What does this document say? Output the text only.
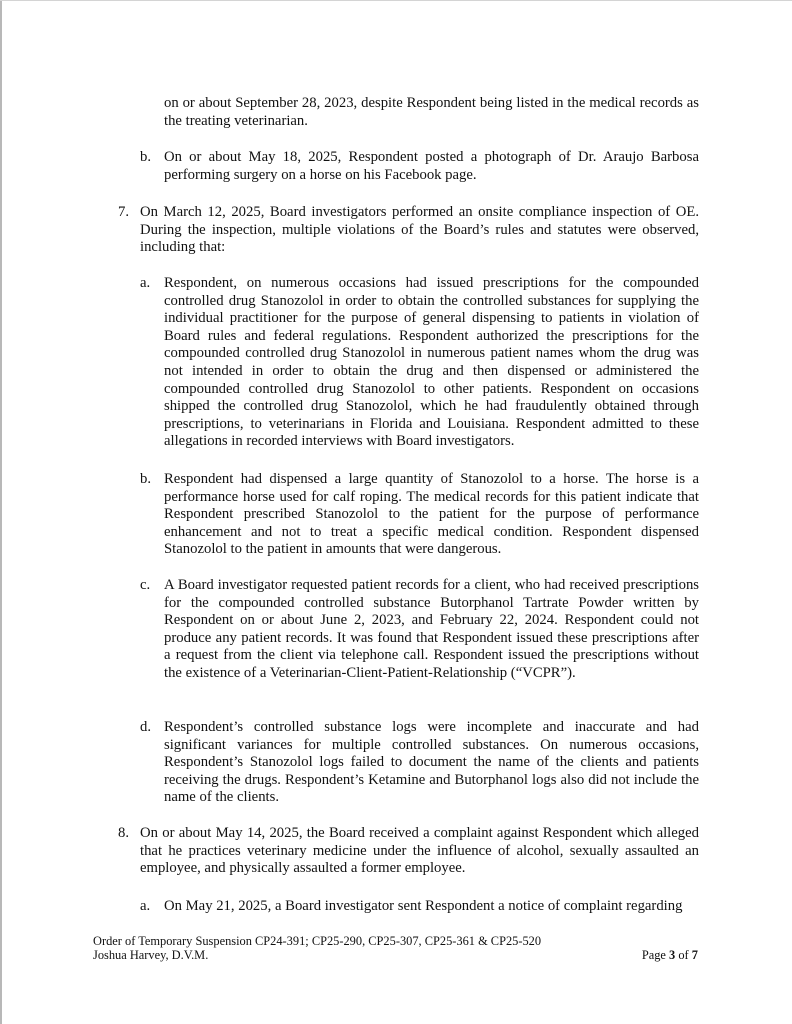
on or about September 28, 2023, despite Respondent being listed in the medical records as the treating veterinarian.

b. On or about May 18, 2025, Respondent posted a photograph of Dr. Araujo Barbosa performing surgery on a horse on his Facebook page.

7. On March 12, 2025, Board investigators performed an onsite compliance inspection of OE. During the inspection, multiple violations of the Board’s rules and statutes were observed, including that:

a. Respondent, on numerous occasions had issued prescriptions for the compounded controlled drug Stanozolol in order to obtain the controlled substances for supplying the individual practitioner for the purpose of general dispensing to patients in violation of Board rules and federal regulations. Respondent authorized the prescriptions for the compounded controlled drug Stanozolol in numerous patient names whom the drug was not intended in order to obtain the drug and then dispensed or administered the compounded controlled drug Stanozolol to other patients. Respondent on occasions shipped the controlled drug Stanozolol, which he had fraudulently obtained through prescriptions, to veterinarians in Florida and Louisiana. Respondent admitted to these allegations in recorded interviews with Board investigators.

b. Respondent had dispensed a large quantity of Stanozolol to a horse. The horse is a performance horse used for calf roping. The medical records for this patient indicate that Respondent prescribed Stanozolol to the patient for the purpose of performance enhancement and not to treat a specific medical condition. Respondent dispensed Stanozolol to the patient in amounts that were dangerous.

c. A Board investigator requested patient records for a client, who had received prescriptions for the compounded controlled substance Butorphanol Tartrate Powder written by Respondent on or about June 2, 2023, and February 22, 2024. Respondent could not produce any patient records. It was found that Respondent issued these prescriptions after a request from the client via telephone call. Respondent issued the prescriptions without the existence of a Veterinarian-Client-Patient-Relationship (“VCPR”).

d. Respondent’s controlled substance logs were incomplete and inaccurate and had significant variances for multiple controlled substances. On numerous occasions, Respondent’s Stanozolol logs failed to document the name of the clients and patients receiving the drugs. Respondent’s Ketamine and Butorphanol logs also did not include the name of the clients.

8. On or about May 14, 2025, the Board received a complaint against Respondent which alleged that he practices veterinary medicine under the influence of alcohol, sexually assaulted an employee, and physically assaulted a former employee.

a. On May 21, 2025, a Board investigator sent Respondent a notice of complaint regarding

Order of Temporary Suspension CP24-391; CP25-290, CP25-307, CP25-361 & CP25-520

Joshua Harvey, D.V.M.	Page 3 of 7
